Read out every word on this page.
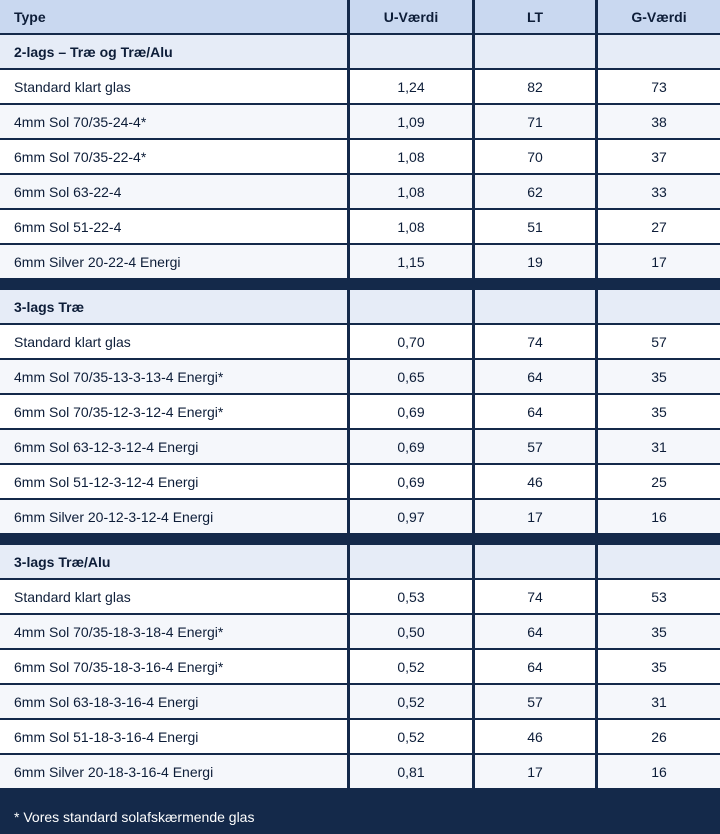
Type	U-Værdi	LT	G-Værdi
2-lags – Træ og Træ/Alu
Standard klart glas	1,24	82	73
4mm Sol 70/35-24-4*	1,09	71	38
6mm Sol 70/35-22-4*	1,08	70	37
6mm Sol 63-22-4	1,08	62	33
6mm Sol 51-22-4	1,08	51	27
6mm Silver 20-22-4 Energi	1,15	19	17
3-lags Træ
Standard klart glas	0,70	74	57
4mm Sol 70/35-13-3-13-4 Energi*	0,65	64	35
6mm Sol 70/35-12-3-12-4 Energi*	0,69	64	35
6mm Sol 63-12-3-12-4 Energi	0,69	57	31
6mm Sol 51-12-3-12-4 Energi	0,69	46	25
6mm Silver 20-12-3-12-4 Energi	0,97	17	16
3-lags Træ/Alu
Standard klart glas	0,53	74	53
4mm Sol 70/35-18-3-18-4 Energi*	0,50	64	35
6mm Sol 70/35-18-3-16-4 Energi*	0,52	64	35
6mm Sol 63-18-3-16-4 Energi	0,52	57	31
6mm Sol 51-18-3-16-4 Energi	0,52	46	26
6mm Silver 20-18-3-16-4 Energi	0,81	17	16
* Vores standard solafskærmende glas
